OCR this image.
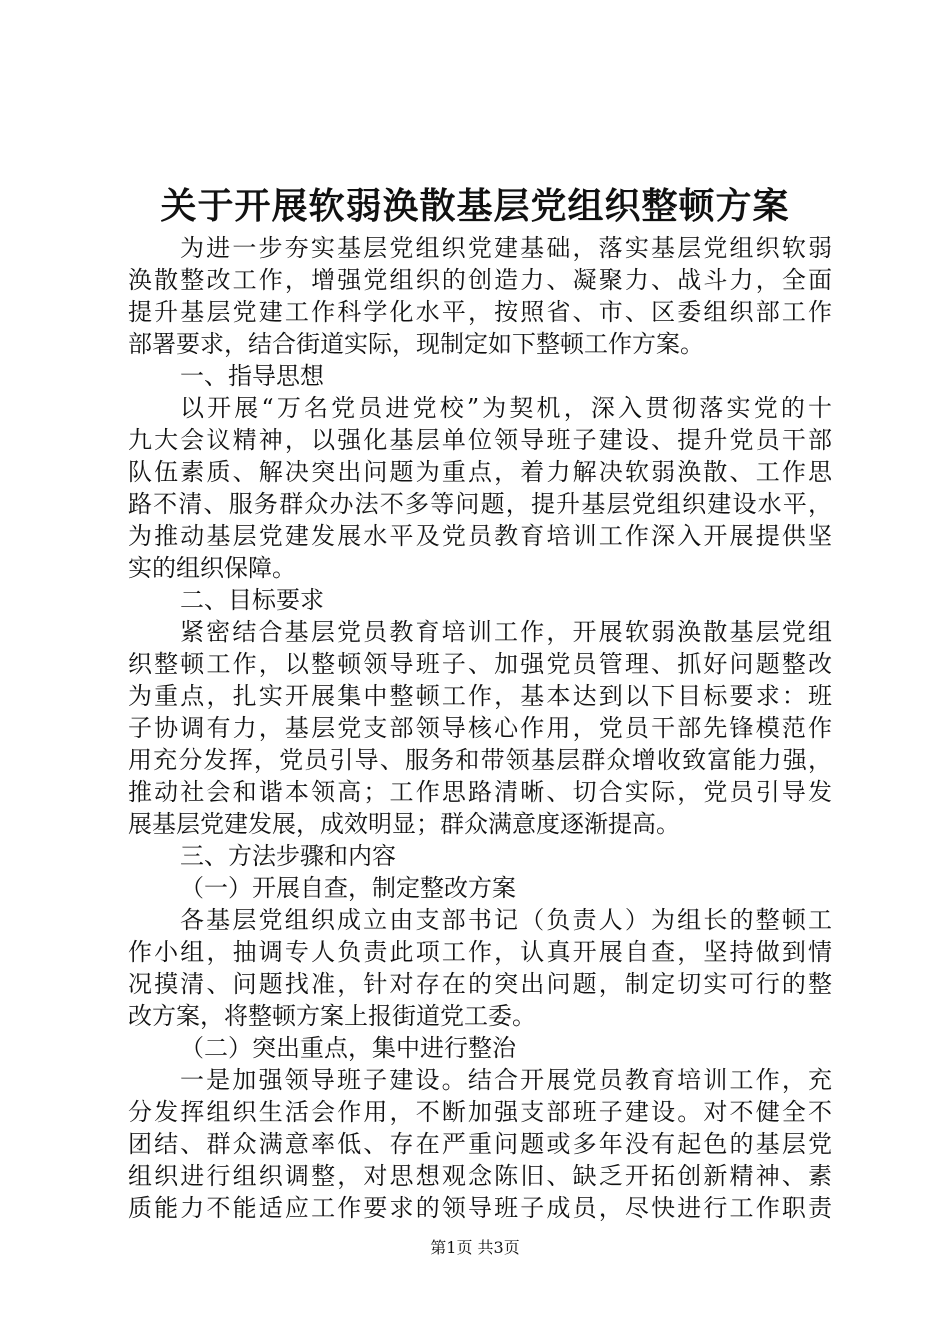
关于开展软弱涣散基层党组织整顿方案
为进一步夯实基层党组织党建基础，落实基层党组织软弱
涣散整改工作，增强党组织的创造力、凝聚力、战斗力，全面
提升基层党建工作科学化水平，按照省、市、区委组织部工作
部署要求，结合街道实际，现制定如下整顿工作方案。
一、指导思想
以开展“万名党员进党校”为契机，深入贯彻落实党的十
九大会议精神，以强化基层单位领导班子建设、提升党员干部
队伍素质、解决突出问题为重点，着力解决软弱涣散、工作思
路不清、服务群众办法不多等问题，提升基层党组织建设水平，
为推动基层党建发展水平及党员教育培训工作深入开展提供坚
实的组织保障。
二、目标要求
紧密结合基层党员教育培训工作，开展软弱涣散基层党组
织整顿工作，以整顿领导班子、加强党员管理、抓好问题整改
为重点，扎实开展集中整顿工作，基本达到以下目标要求：班
子协调有力，基层党支部领导核心作用，党员干部先锋模范作
用充分发挥，党员引导、服务和带领基层群众增收致富能力强，
推动社会和谐本领高；工作思路清晰、切合实际，党员引导发
展基层党建发展，成效明显；群众满意度逐渐提高。
三、方法步骤和内容
（一）开展自查，制定整改方案
各基层党组织成立由支部书记（负责人）为组长的整顿工
作小组，抽调专人负责此项工作，认真开展自查，坚持做到情
况摸清、问题找准，针对存在的突出问题，制定切实可行的整
改方案，将整顿方案上报街道党工委。
（二）突出重点，集中进行整治
一是加强领导班子建设。结合开展党员教育培训工作，充
分发挥组织生活会作用，不断加强支部班子建设。对不健全不
团结、群众满意率低、存在严重问题或多年没有起色的基层党
组织进行组织调整，对思想观念陈旧、缺乏开拓创新精神、素
质能力不能适应工作要求的领导班子成员，尽快进行工作职责
第1页 共3页
